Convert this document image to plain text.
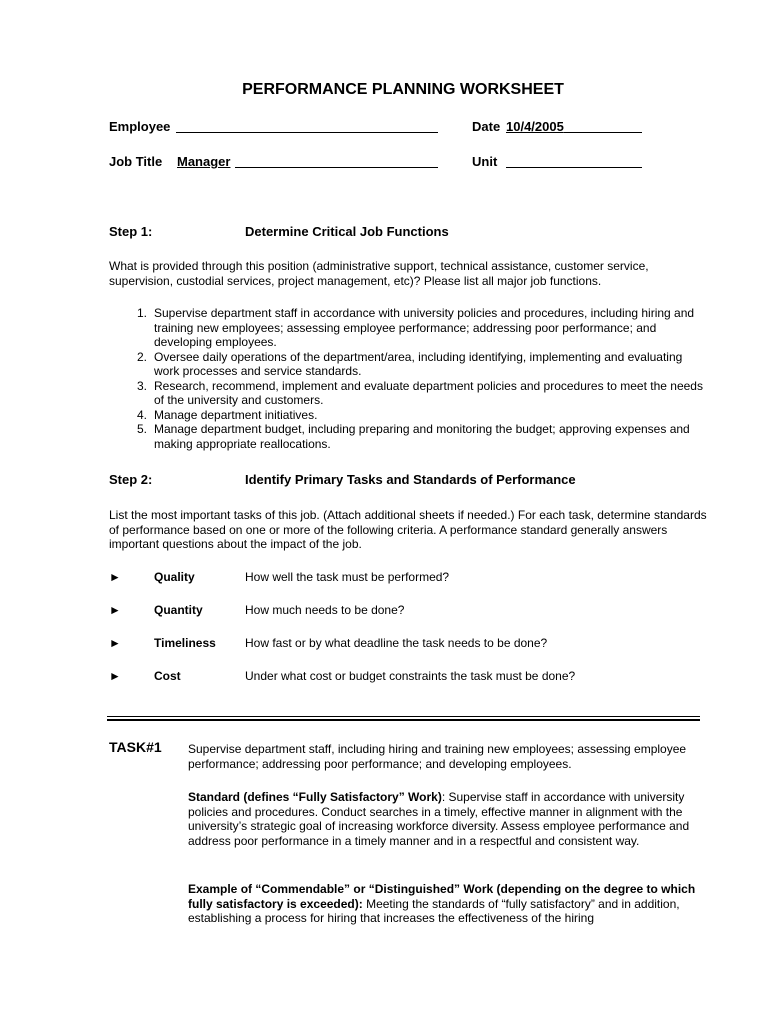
PERFORMANCE PLANNING WORKSHEET
Employee	Date 10/4/2005
Job Title Manager	Unit
Step 1:	Determine Critical Job Functions
What is provided through this position (administrative support, technical assistance, customer service, supervision, custodial services, project management, etc)? Please list all major job functions.
1. Supervise department staff in accordance with university policies and procedures, including hiring and training new employees; assessing employee performance; addressing poor performance; and developing employees.
2. Oversee daily operations of the department/area, including identifying, implementing and evaluating work processes and service standards.
3. Research, recommend, implement and evaluate department policies and procedures to meet the needs of the university and customers.
4. Manage department initiatives.
5. Manage department budget, including preparing and monitoring the budget; approving expenses and making appropriate reallocations.
Step 2:	Identify Primary Tasks and Standards of Performance
List the most important tasks of this job. (Attach additional sheets if needed.) For each task, determine standards of performance based on one or more of the following criteria. A performance standard generally answers important questions about the impact of the job.
►	Quality	How well the task must be performed?
►	Quantity	How much needs to be done?
►	Timeliness How fast or by what deadline the task needs to be done?
►	Cost	Under what cost or budget constraints the task must be done?
TASK#1 Supervise department staff, including hiring and training new employees; assessing employee performance; addressing poor performance; and developing employees.
Standard (defines “Fully Satisfactory” Work): Supervise staff in accordance with university policies and procedures. Conduct searches in a timely, effective manner in alignment with the university’s strategic goal of increasing workforce diversity. Assess employee performance and address poor performance in a timely manner and in a respectful and consistent way.
Example of “Commendable” or “Distinguished” Work (depending on the degree to which fully satisfactory is exceeded): Meeting the standards of “fully satisfactory” and in addition, establishing a process for hiring that increases the effectiveness of the hiring
